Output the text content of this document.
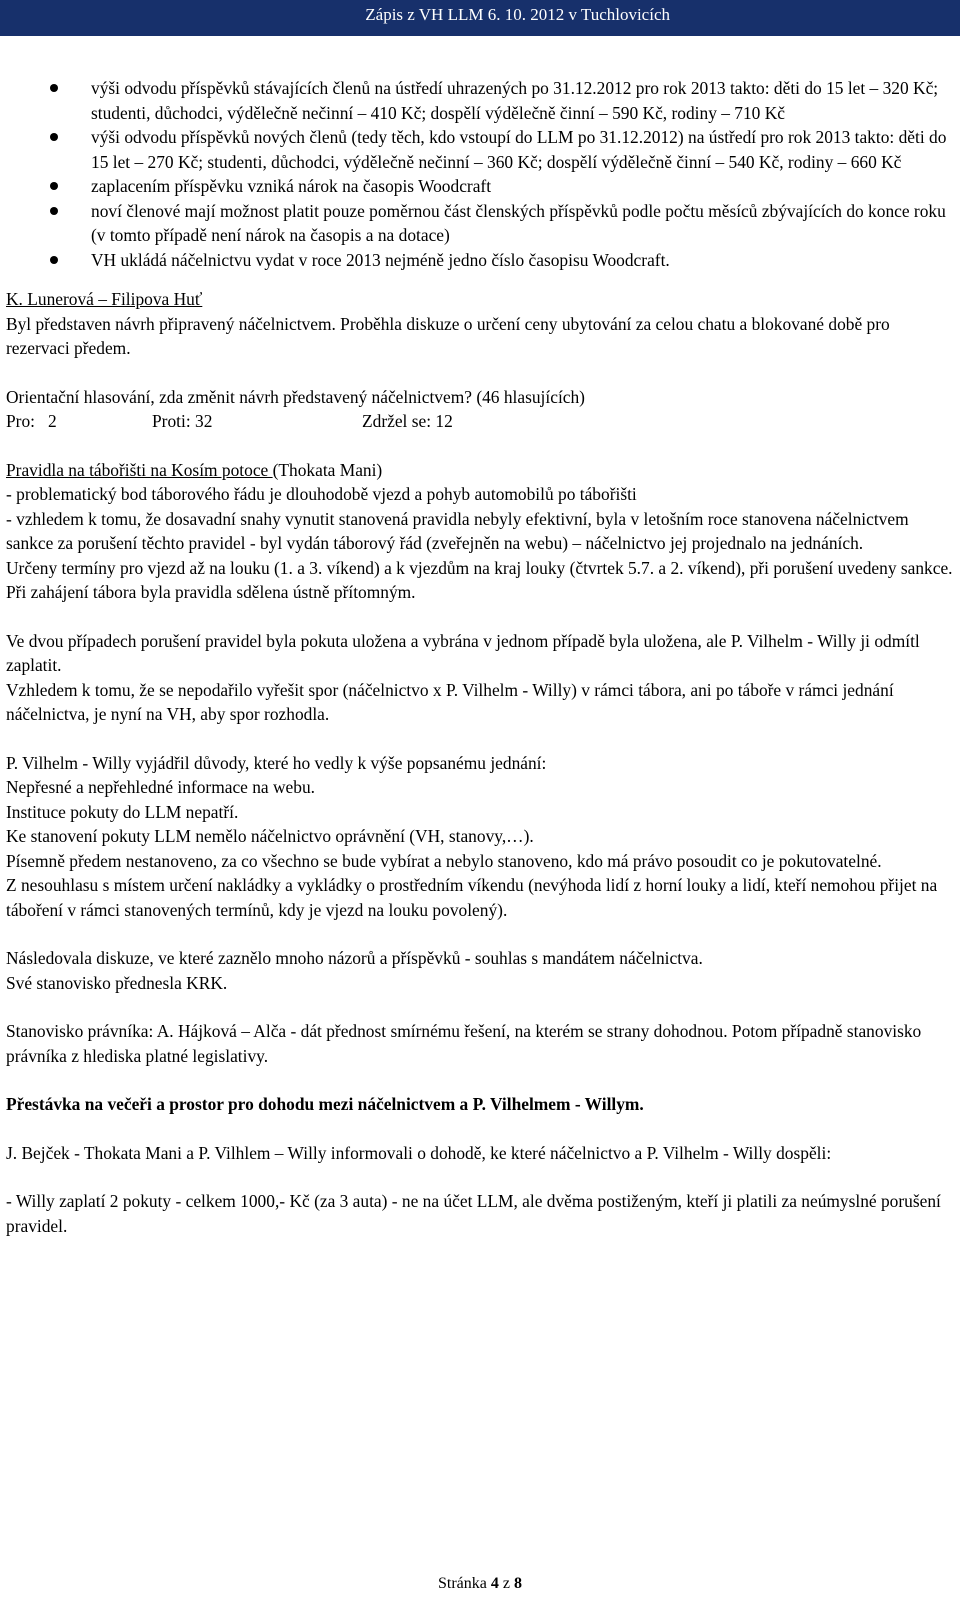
Zápis z VH LLM 6. 10. 2012 v Tuchlovicích
výši odvodu příspěvků stávajících členů na ústředí uhrazených po 31.12.2012 pro rok 2013 takto: děti do 15 let – 320 Kč; studenti, důchodci, výdělečně nečinní – 410 Kč; dospělí výdělečně činní – 590 Kč, rodiny – 710 Kč
výši odvodu příspěvků nových členů (tedy těch, kdo vstoupí do LLM po 31.12.2012) na ústředí pro rok 2013 takto: děti do 15 let – 270 Kč; studenti, důchodci, výdělečně nečinní – 360 Kč; dospělí výdělečně činní – 540 Kč, rodiny – 660 Kč
zaplacením příspěvku vzniká nárok na časopis Woodcraft
noví členové mají možnost platit pouze poměrnou část členských příspěvků podle počtu měsíců zbývajících do konce roku (v tomto případě není nárok na časopis a na dotace)
VH ukládá náčelnictvu vydat v roce 2013 nejméně jedno číslo časopisu Woodcraft.
K. Lunerová – Filipova Huť
Byl představen návrh připravený náčelnictvem. Proběhla diskuze o určení ceny ubytování za celou chatu a blokované době pro rezervaci předem.
Orientační hlasování, zda změnit návrh představený náčelnictvem? (46 hlasujících)
Pro:   2	Proti: 32	Zdržel se: 12
Pravidla na tábořišti na Kosím potoce (Thokata Mani)
- problematický bod táborového řádu je dlouhodobě vjezd a pohyb automobilů po tábořišti
- vzhledem k tomu, že dosavadní snahy vynutit stanovená pravidla nebyly efektivní, byla v letošním roce stanovena náčelnictvem sankce za porušení těchto pravidel - byl vydán táborový řád (zveřejněn na webu) – náčelnictvo jej projednalo na jednáních.
Určeny termíny pro vjezd až na louku (1. a 3. víkend) a k vjezdům na kraj louky (čtvrtek 5.7. a 2. víkend), při porušení uvedeny sankce. Při zahájení tábora byla pravidla sdělena ústně přítomným.
Ve dvou případech porušení pravidel byla pokuta uložena a vybrána v jednom případě byla uložena, ale P. Vilhelm - Willy ji odmítl zaplatit.
Vzhledem k tomu, že se nepodařilo vyřešit spor (náčelnictvo x P. Vilhelm - Willy) v rámci tábora, ani po táboře v rámci jednání náčelnictva, je nyní na VH, aby spor rozhodla.
P. Vilhelm - Willy vyjádřil důvody, které ho vedly k výše popsanému jednání:
Nepřesné a nepřehledné informace na webu.
Instituce pokuty do LLM nepatří.
Ke stanovení pokuty LLM nemělo náčelnictvo oprávnění (VH, stanovy,…).
Písemně předem nestanoveno, za co všechno se bude vybírat a nebylo stanoveno, kdo má právo posoudit co je pokutovatelné.
Z nesouhlasu s místem určení nakládky a vykládky o prostředním víkendu (nevýhoda lidí z horní louky a lidí, kteří nemohou přijet na táboření v rámci stanovených termínů, kdy je vjezd na louku povolený).
Následovala diskuze, ve které zaznělo mnoho názorů a příspěvků - souhlas s mandátem náčelnictva.
Své stanovisko přednesla KRK.
Stanovisko právníka: A. Hájková – Alča - dát přednost smírnému řešení, na kterém se strany dohodnou. Potom případně stanovisko právníka z hlediska platné legislativy.
Přestávka na večeři a prostor pro dohodu mezi náčelnictvem a P. Vilhelmem - Willym.
J. Bejček - Thokata Mani a P. Vilhlem – Willy informovali o dohodě, ke které náčelnictvo a P. Vilhelm - Willy dospěli:
- Willy zaplatí 2 pokuty - celkem 1000,- Kč (za 3 auta) - ne na účet LLM, ale dvěma postiženým, kteří ji platili za neúmyslné porušení pravidel.
Stránka 4 z 8
